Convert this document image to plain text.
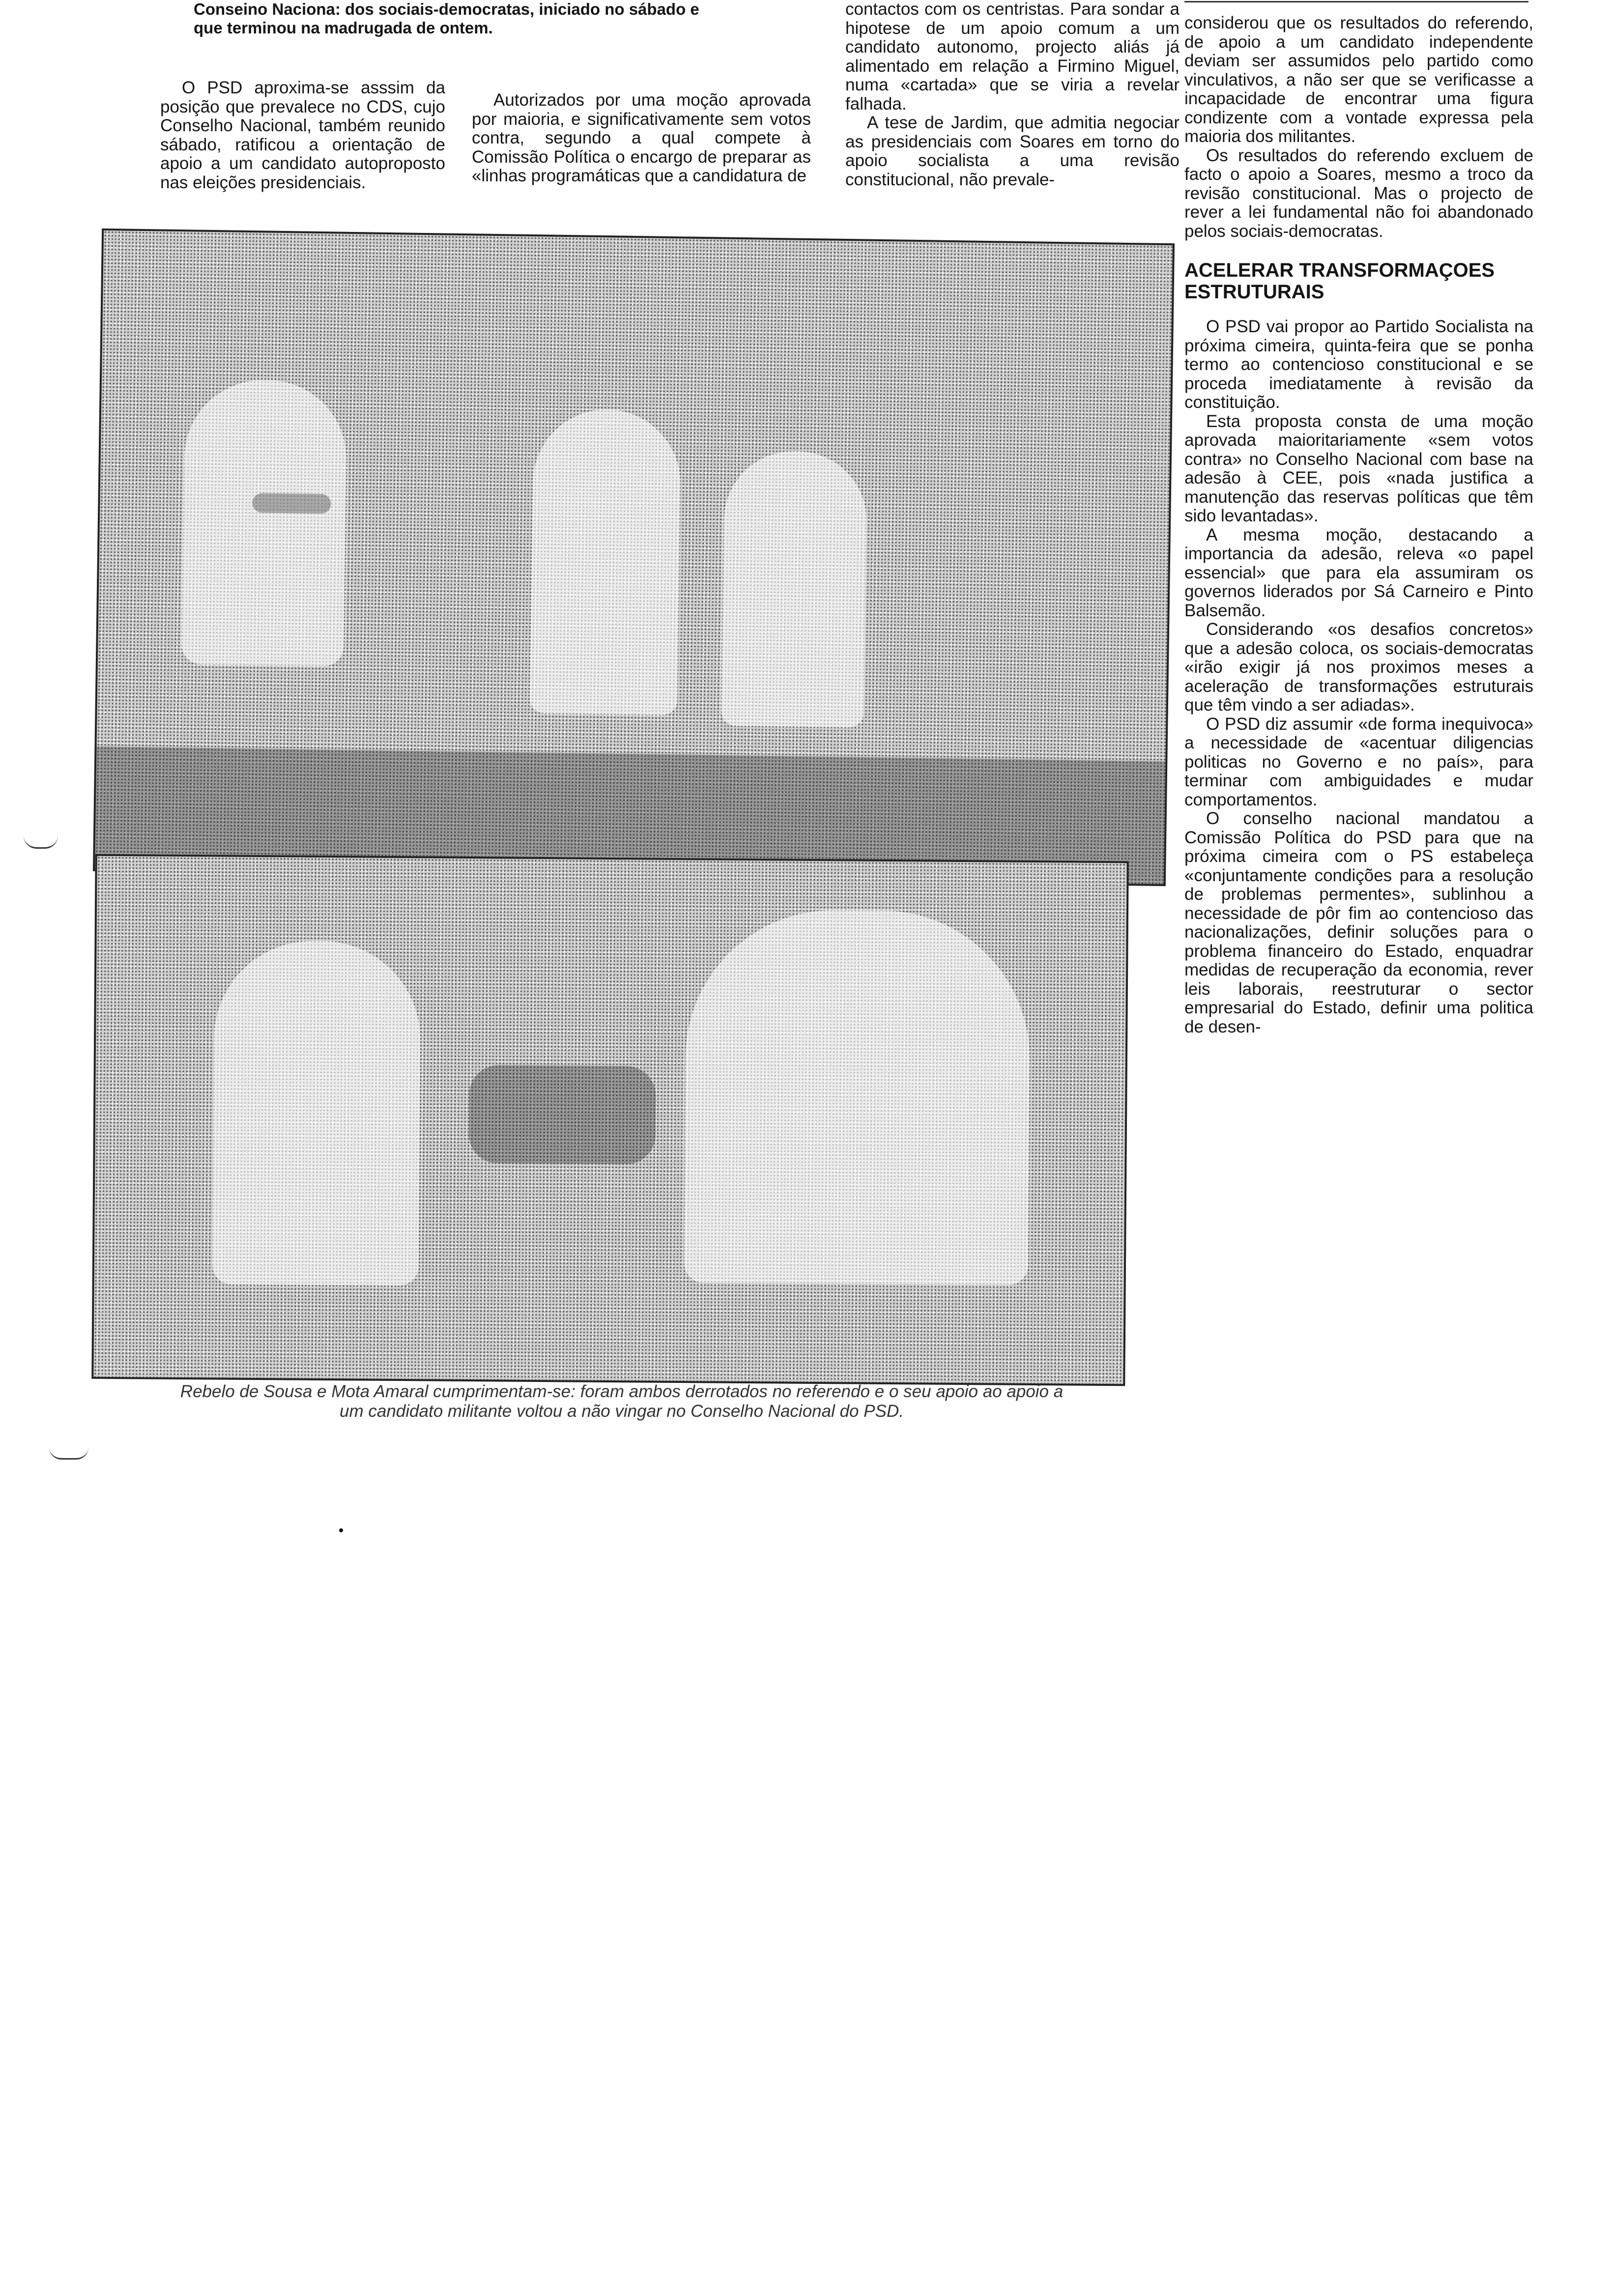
Conseino Naciona: dos sociais-democratas, iniciado no sábado e

que terminou na madrugada de ontem.

O PSD aproxima-se asssim da posição que prevalece no CDS, cujo Conselho Nacional, também reunido sábado, ratificou a orientação de apoio a um candidato autoproposto nas eleições presidenciais.

Autorizados por uma moção aprovada por maioria, e significativamente sem votos contra, segundo a qual compete à Comissão Política o encargo de preparar as «linhas programáticas que a candidatura de

contactos com os centristas. Para sondar a hipotese de um apoio comum a um candidato autonomo, projecto aliás já alimentado em relação a Firmino Miguel, numa «cartada» que se viria a revelar falhada.

A tese de Jardim, que admitia negociar as presidenciais com Soares em torno do apoio socialista a uma revisão constitucional, não prevale-

considerou que os resultados do referendo, de apoio a um candidato independente deviam ser assumidos pelo partido como vinculativos, a não ser que se verificasse a incapacidade de encontrar uma figura condizente com a vontade expressa pela maioria dos militantes.

Os resultados do referendo excluem de facto o apoio a Soares, mesmo a troco da revisão constitucional. Mas o projecto de rever a lei fundamental não foi abandonado pelos sociais-democratas.

ACELERAR TRANSFORMAÇOES ESTRUTURAIS

O PSD vai propor ao Partido Socialista na próxima cimeira, quinta-feira que se ponha termo ao contencioso constitucional e se proceda imediatamente à revisão da constituição.

Esta proposta consta de uma moção aprovada maioritariamente «sem votos contra» no Conselho Nacional com base na adesão à CEE, pois «nada justifica a manutenção das reservas políticas que têm sido levantadas».

A mesma moção, destacando a importancia da adesão, releva «o papel essencial» que para ela assumiram os governos liderados por Sá Carneiro e Pinto Balsemão.

Considerando «os desafios concretos» que a adesão coloca, os sociais-democratas «irão exigir já nos proximos meses a aceleração de transformações estruturais que têm vindo a ser adiadas».

O PSD diz assumir «de forma inequivoca» a necessidade de «acentuar diligencias politicas no Governo e no país», para terminar com ambiguidades e mudar comportamentos.

O conselho nacional mandatou a Comissão Política do PSD para que na próxima cimeira com o PS estabeleça «conjuntamente condições para a resolução de problemas permentes», sublinhou a necessidade de pôr fim ao contencioso das nacionalizações, definir soluções para o problema financeiro do Estado, enquadrar medidas de recuperação da economia, rever leis laborais, reestruturar o sector empresarial do Estado, definir uma politica de desen-

Rebelo de Sousa e Mota Amaral cumprimentam-se: foram ambos derrotados no referendo e o seu apoio ao apoio a
um candidato militante voltou a não vingar no Conselho Nacional do PSD.
